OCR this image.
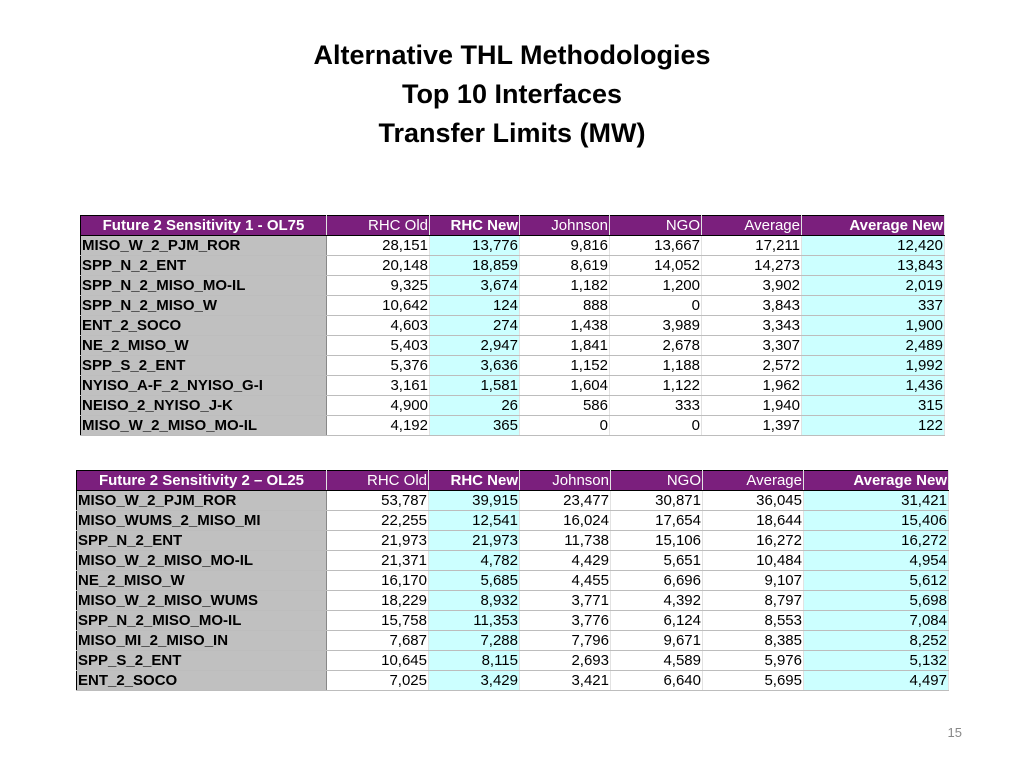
Alternative THL Methodologies
Top 10 Interfaces
Transfer Limits (MW)
Future 2 Sensitivity 1 - OL75	RHC Old	RHC New	Johnson	NGO	Average	Average New
MISO_W_2_PJM_ROR	28,151	13,776	9,816	13,667	17,211	12,420
SPP_N_2_ENT	20,148	18,859	8,619	14,052	14,273	13,843
SPP_N_2_MISO_MO-IL	9,325	3,674	1,182	1,200	3,902	2,019
SPP_N_2_MISO_W	10,642	124	888	0	3,843	337
ENT_2_SOCO	4,603	274	1,438	3,989	3,343	1,900
NE_2_MISO_W	5,403	2,947	1,841	2,678	3,307	2,489
SPP_S_2_ENT	5,376	3,636	1,152	1,188	2,572	1,992
NYISO_A-F_2_NYISO_G-I	3,161	1,581	1,604	1,122	1,962	1,436
NEISO_2_NYISO_J-K	4,900	26	586	333	1,940	315
MISO_W_2_MISO_MO-IL	4,192	365	0	0	1,397	122
Future 2 Sensitivity 2 – OL25	RHC Old	RHC New	Johnson	NGO	Average	Average New
MISO_W_2_PJM_ROR	53,787	39,915	23,477	30,871	36,045	31,421
MISO_WUMS_2_MISO_MI	22,255	12,541	16,024	17,654	18,644	15,406
SPP_N_2_ENT	21,973	21,973	11,738	15,106	16,272	16,272
MISO_W_2_MISO_MO-IL	21,371	4,782	4,429	5,651	10,484	4,954
NE_2_MISO_W	16,170	5,685	4,455	6,696	9,107	5,612
MISO_W_2_MISO_WUMS	18,229	8,932	3,771	4,392	8,797	5,698
SPP_N_2_MISO_MO-IL	15,758	11,353	3,776	6,124	8,553	7,084
MISO_MI_2_MISO_IN	7,687	7,288	7,796	9,671	8,385	8,252
SPP_S_2_ENT	10,645	8,115	2,693	4,589	5,976	5,132
ENT_2_SOCO	7,025	3,429	3,421	6,640	5,695	4,497
15
